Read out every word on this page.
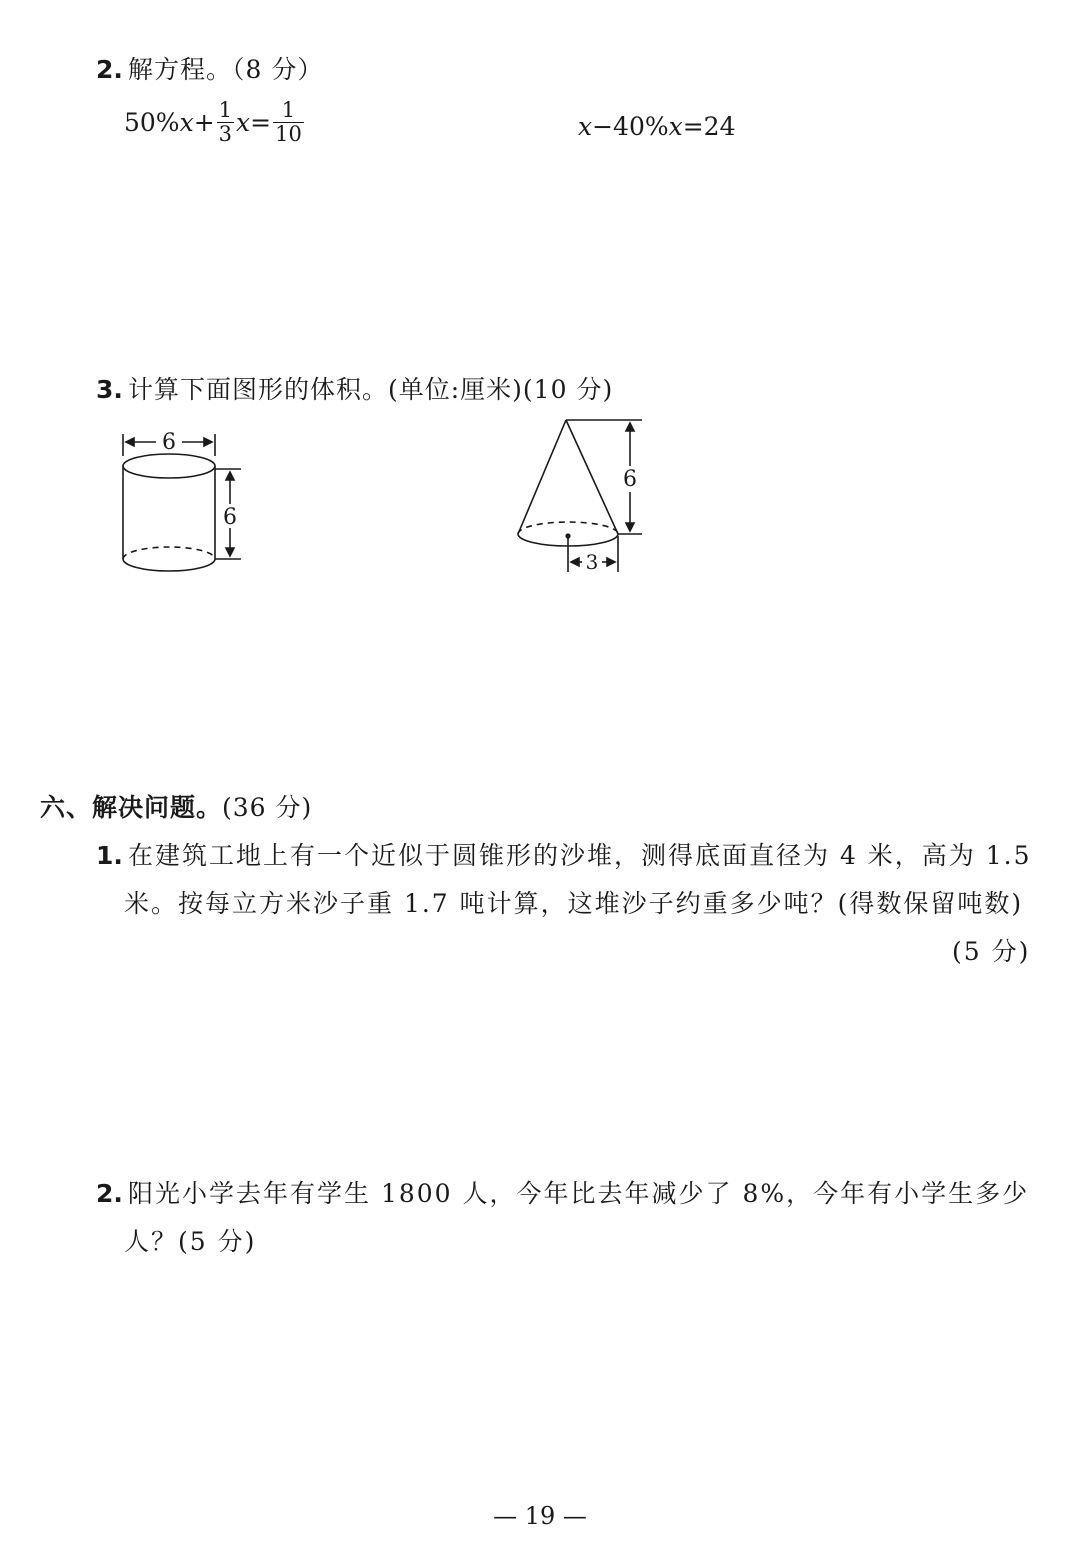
2. 解方程。（8 分）
50% $x + \frac{1}{3}$ $x = \frac{1}{10}$	x −40% x =24
3. 计算下面图形的体积。(单位:厘米)(10 分)
6
6
6
3
六、解决问题。(36 分)
1. 在建筑工地上有一个近似于圆锥形的沙堆，测得底面直径为 4 米，高为 1.5
米。按每立方米沙子重 1.7 吨计算，这堆沙子约重多少吨？(得数保留吨数)
(5 分)
2. 阳光小学去年有学生 1800 人，今年比去年减少了 8%，今年有小学生多少
人？(5 分)
— 19 —
